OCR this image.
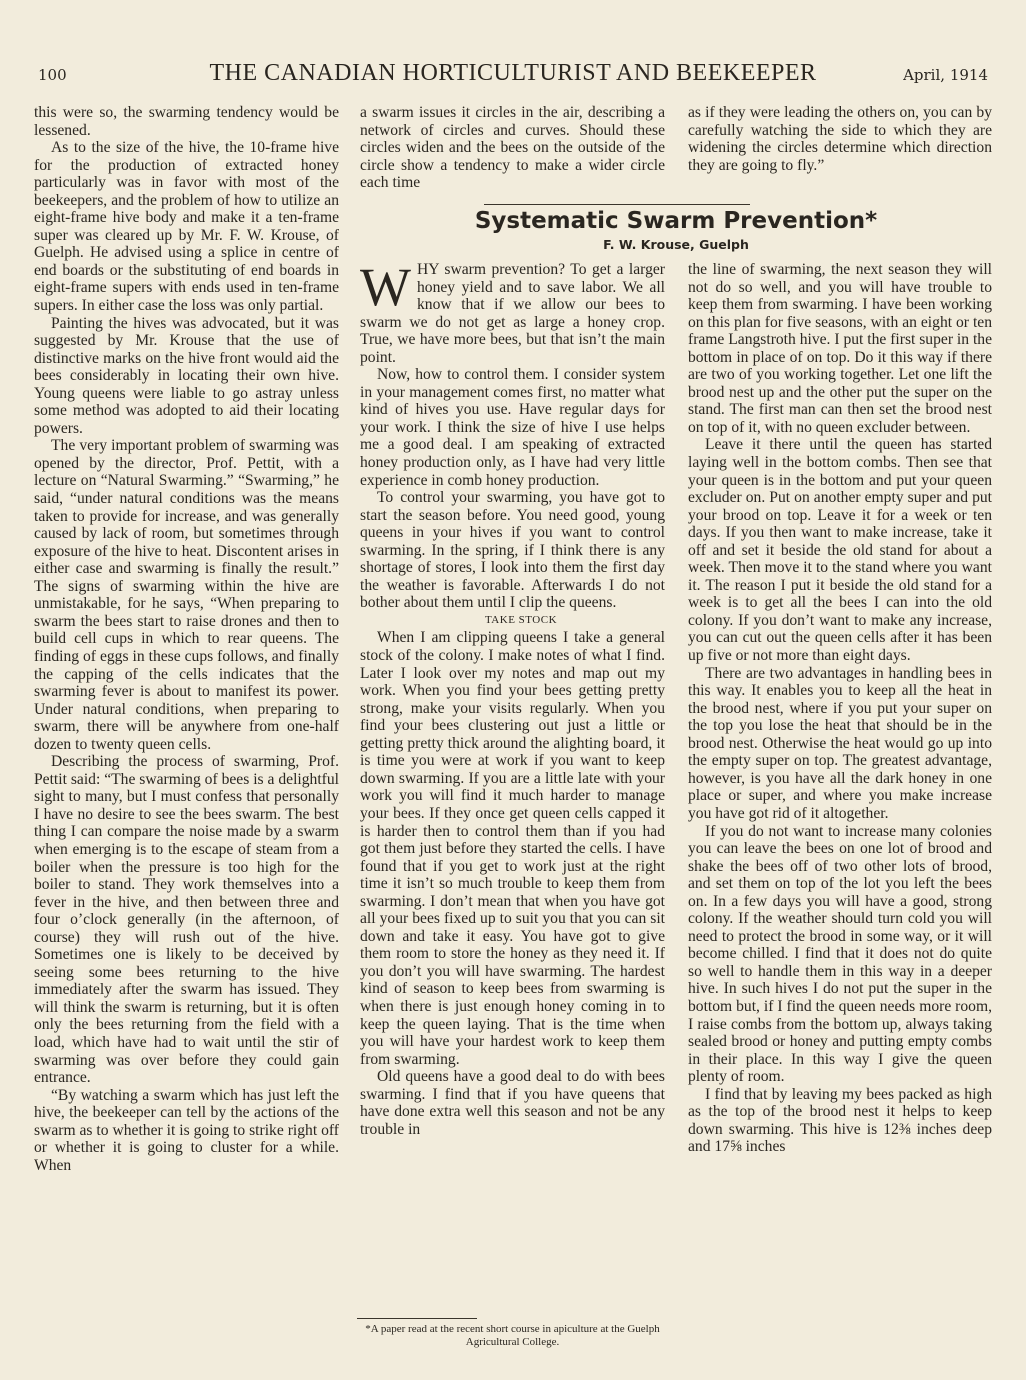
100	THE CANADIAN HORTICULTURIST AND BEEKEEPER	April, 1914

this were so, the swarming tendency would be lessened.

As to the size of the hive, the 10-frame hive for the production of extracted honey particularly was in favor with most of the beekeepers, and the problem of how to utilize an eight-frame hive body and make it a ten-frame super was cleared up by Mr. F. W. Krouse, of Guelph. He advised using a splice in centre of end boards or the substituting of end boards in eight-frame supers with ends used in ten-frame supers. In either case the loss was only partial.

Painting the hives was advocated, but it was suggested by Mr. Krouse that the use of distinctive marks on the hive front would aid the bees considerably in locating their own hive. Young queens were liable to go astray unless some method was adopted to aid their locating powers.

The very important problem of swarming was opened by the director, Prof. Pettit, with a lecture on “Natural Swarming.” “Swarming,” he said, “under natural conditions was the means taken to provide for increase, and was generally caused by lack of room, but sometimes through exposure of the hive to heat. Discontent arises in either case and swarming is finally the result.” The signs of swarming within the hive are unmistakable, for he says, “When preparing to swarm the bees start to raise drones and then to build cell cups in which to rear queens. The finding of eggs in these cups follows, and finally the capping of the cells indicates that the swarming fever is about to manifest its power. Under natural conditions, when preparing to swarm, there will be anywhere from one-half dozen to twenty queen cells.

Describing the process of swarming, Prof. Pettit said: “The swarming of bees is a delightful sight to many, but I must confess that personally I have no desire to see the bees swarm. The best thing I can compare the noise made by a swarm when emerging is to the escape of steam from a boiler when the pressure is too high for the boiler to stand. They work themselves into a fever in the hive, and then between three and four o’clock generally (in the afternoon, of course) they will rush out of the hive. Sometimes one is likely to be deceived by seeing some bees returning to the hive immediately after the swarm has issued. They will think the swarm is returning, but it is often only the bees returning from the field with a load, which have had to wait until the stir of swarming was over before they could gain entrance.

“By watching a swarm which has just left the hive, the beekeeper can tell by the actions of the swarm as to whether it is going to strike right off or whether it is going to cluster for a while. When

a swarm issues it circles in the air, describing a network of circles and curves. Should these circles widen and the bees on the outside of the circle show a tendency to make a wider circle each time

as if they were leading the others on, you can by carefully watching the side to which they are widening the circles determine which direction they are going to fly.”

Systematic Swarm Prevention*
F. W. Krouse, Guelph

WHY swarm prevention? To get a larger honey yield and to save labor. We all know that if we allow our bees to swarm we do not get as large a honey crop. True, we have more bees, but that isn’t the main point.

Now, how to control them. I consider system in your management comes first, no matter what kind of hives you use. Have regular days for your work. I think the size of hive I use helps me a good deal. I am speaking of extracted honey production only, as I have had very little experience in comb honey production.

To control your swarming, you have got to start the season before. You need good, young queens in your hives if you want to control swarming. In the spring, if I think there is any shortage of stores, I look into them the first day the weather is favorable. Afterwards I do not bother about them until I clip the queens.

TAKE STOCK

When I am clipping queens I take a general stock of the colony. I make notes of what I find. Later I look over my notes and map out my work. When you find your bees getting pretty strong, make your visits regularly. When you find your bees clustering out just a little or getting pretty thick around the alighting board, it is time you were at work if you want to keep down swarming. If you are a little late with your work you will find it much harder to manage your bees. If they once get queen cells capped it is harder then to control them than if you had got them just before they started the cells. I have found that if you get to work just at the right time it isn’t so much trouble to keep them from swarming. I don’t mean that when you have got all your bees fixed up to suit you that you can sit down and take it easy. You have got to give them room to store the honey as they need it. If you don’t you will have swarming. The hardest kind of season to keep bees from swarming is when there is just enough honey coming in to keep the queen laying. That is the time when you will have your hardest work to keep them from swarming.

Old queens have a good deal to do with bees swarming. I find that if you have queens that have done extra well this season and not be any trouble in

the line of swarming, the next season they will not do so well, and you will have trouble to keep them from swarming. I have been working on this plan for five seasons, with an eight or ten frame Langstroth hive. I put the first super in the bottom in place of on top. Do it this way if there are two of you working together. Let one lift the brood nest up and the other put the super on the stand. The first man can then set the brood nest on top of it, with no queen excluder between.

Leave it there until the queen has started laying well in the bottom combs. Then see that your queen is in the bottom and put your queen excluder on. Put on another empty super and put your brood on top. Leave it for a week or ten days. If you then want to make increase, take it off and set it beside the old stand for about a week. Then move it to the stand where you want it. The reason I put it beside the old stand for a week is to get all the bees I can into the old colony. If you don’t want to make any increase, you can cut out the queen cells after it has been up five or not more than eight days.

There are two advantages in handling bees in this way. It enables you to keep all the heat in the brood nest, where if you put your super on the top you lose the heat that should be in the brood nest. Otherwise the heat would go up into the empty super on top. The greatest advantage, however, is you have all the dark honey in one place or super, and where you make increase you have got rid of it altogether.

If you do not want to increase many colonies you can leave the bees on one lot of brood and shake the bees off of two other lots of brood, and set them on top of the lot you left the bees on. In a few days you will have a good, strong colony. If the weather should turn cold you will need to protect the brood in some way, or it will become chilled. I find that it does not do quite so well to handle them in this way in a deeper hive. In such hives I do not put the super in the bottom but, if I find the queen needs more room, I raise combs from the bottom up, always taking sealed brood or honey and putting empty combs in their place. In this way I give the queen plenty of room.

I find that by leaving my bees packed as high as the top of the brood nest it helps to keep down swarming. This hive is 12⅜ inches deep and 17⅝ inches

*A paper read at the recent short course in apiculture at the Guelph Agricultural College.
